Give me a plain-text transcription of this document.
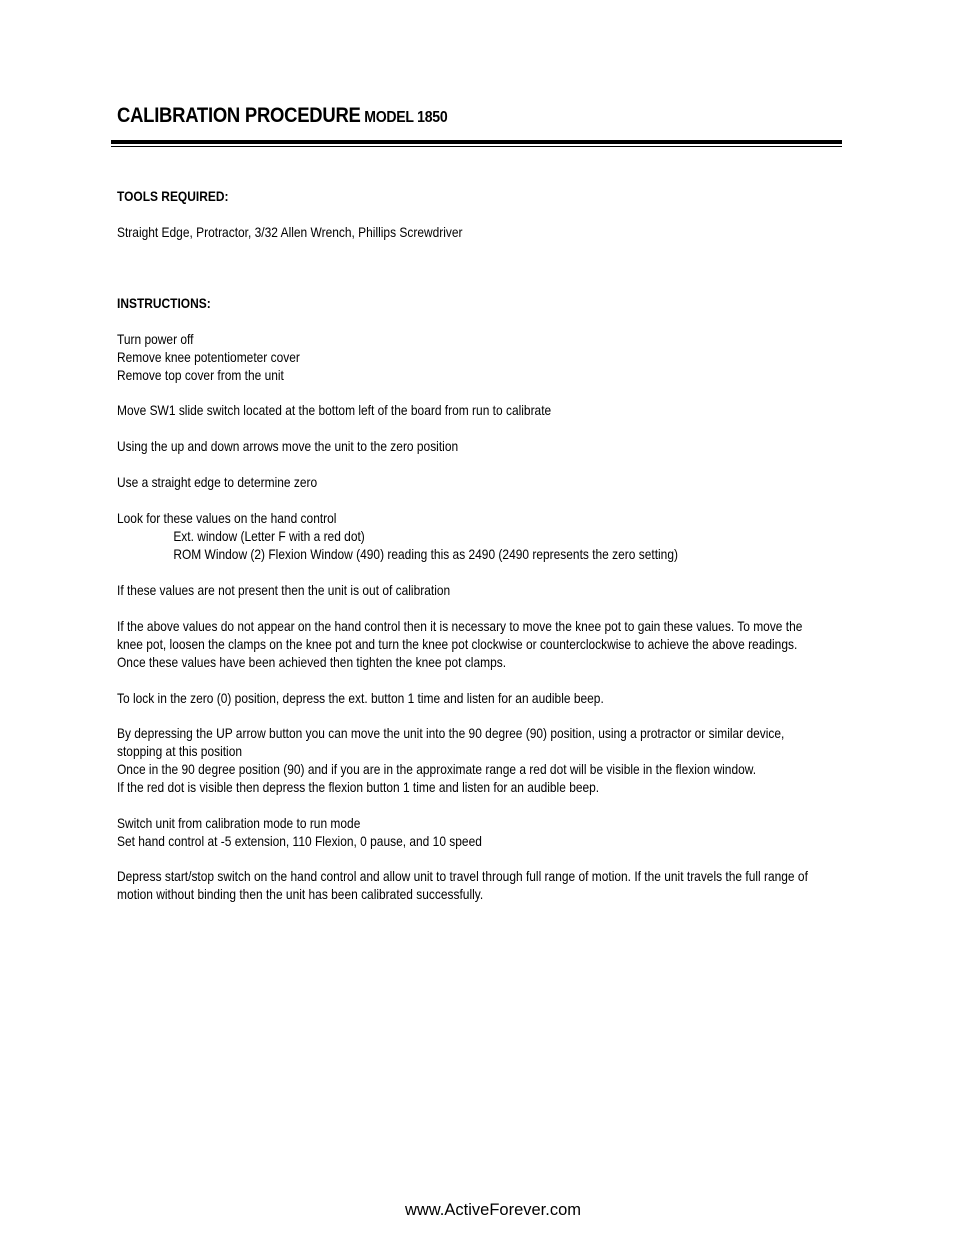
CALIBRATION PROCEDURE MODEL 1850

TOOLS REQUIRED:

Straight Edge, Protractor, 3/32 Allen Wrench, Phillips Screwdriver

INSTRUCTIONS:

Turn power off

Remove knee potentiometer cover

Remove top cover from the unit

Move SW1 slide switch located at the bottom left of the board from run to calibrate

Using the up and down arrows move the unit to the zero position

Use a straight edge to determine zero

Look for these values on the hand control

Ext. window (Letter F with a red dot)

ROM Window (2) Flexion Window (490) reading this as 2490 (2490 represents the zero setting)

If these values are not present then the unit is out of calibration

If the above values do not appear on the hand control then it is necessary to move the knee pot to gain these values. To move the knee pot, loosen the clamps on the knee pot and turn the knee pot clockwise or counterclockwise to achieve the above readings. Once these values have been achieved then tighten the knee pot clamps.

To lock in the zero (0) position, depress the ext. button 1 time and listen for an audible beep.

By depressing the UP arrow button you can move the unit into the 90 degree (90) position, using a protractor or similar device, stopping at this position

Once in the 90 degree position (90) and if you are in the approximate range a red dot will be visible in the flexion window.

If the red dot is visible then depress the flexion button 1 time and listen for an audible beep.

Switch unit from calibration mode to run mode

Set hand control at -5 extension, 110 Flexion, 0 pause, and 10 speed

Depress start/stop switch on the hand control and allow unit to travel through full range of motion. If the unit travels the full range of motion without binding then the unit has been calibrated successfully.

www.ActiveForever.com
